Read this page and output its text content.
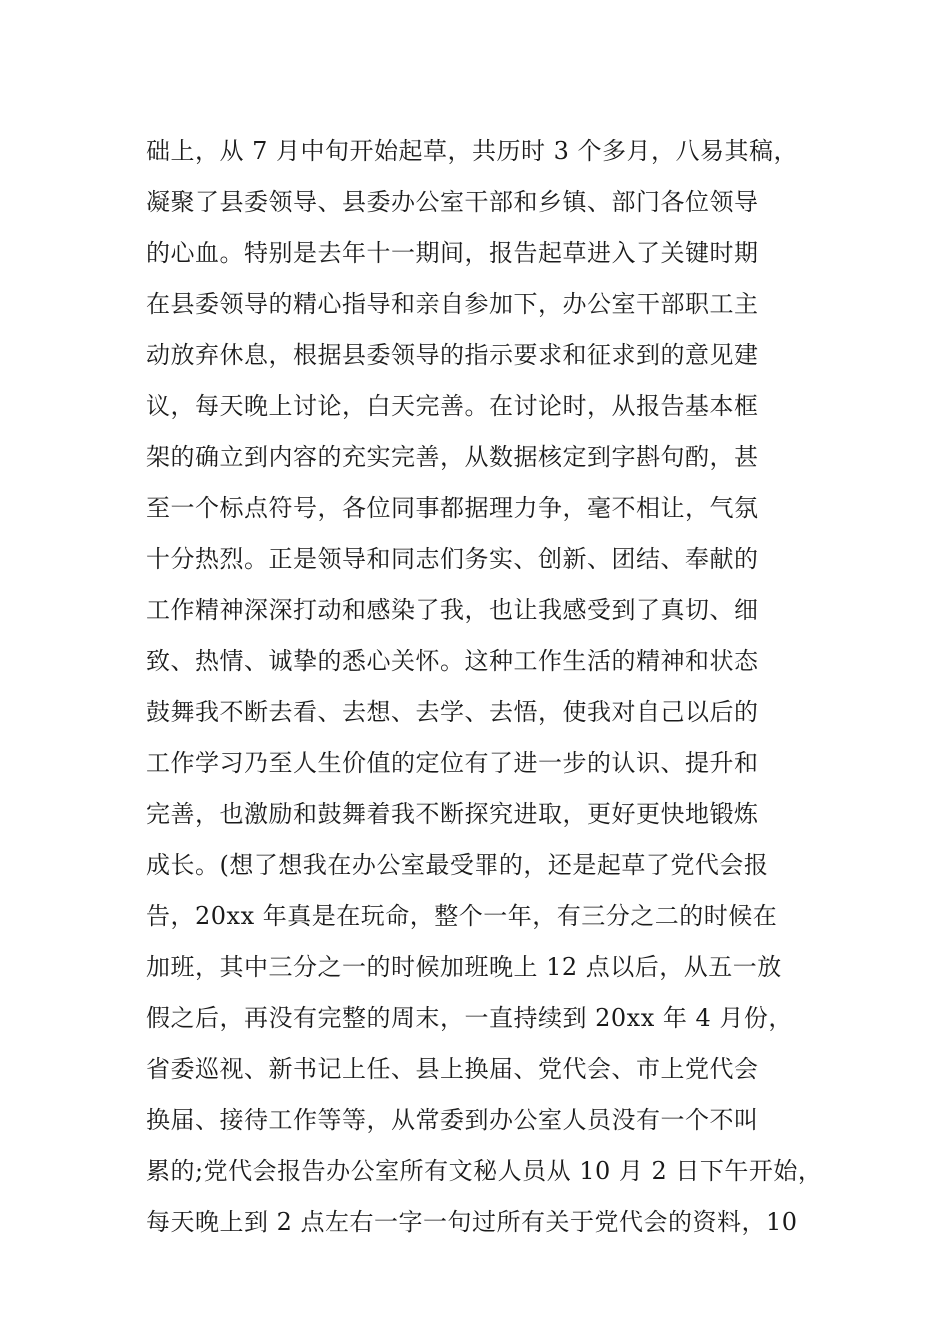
础上，从 7 月中旬开始起草，共历时 3 个多月，八易其稿，
凝聚了县委领导、县委办公室干部和乡镇、部门各位领导
的心血。特别是去年十一期间，报告起草进入了关键时期
在县委领导的精心指导和亲自参加下，办公室干部职工主
动放弃休息，根据县委领导的指示要求和征求到的意见建
议，每天晚上讨论，白天完善。在讨论时，从报告基本框
架的确立到内容的充实完善，从数据核定到字斟句酌，甚
至一个标点符号，各位同事都据理力争，毫不相让，气氛
十分热烈。正是领导和同志们务实、创新、团结、奉献的
工作精神深深打动和感染了我，也让我感受到了真切、细
致、热情、诚挚的悉心关怀。这种工作生活的精神和状态
鼓舞我不断去看、去想、去学、去悟，使我对自己以后的
工作学习乃至人生价值的定位有了进一步的认识、提升和
完善，也激励和鼓舞着我不断探究进取，更好更快地锻炼
成长。(想了想我在办公室最受罪的，还是起草了党代会报
告，20xx 年真是在玩命，整个一年，有三分之二的时候在
加班，其中三分之一的时候加班晚上 12 点以后，从五一放
假之后，再没有完整的周末，一直持续到 20xx 年 4 月份，
省委巡视、新书记上任、县上换届、党代会、市上党代会
换届、接待工作等等，从常委到办公室人员没有一个不叫
累的;党代会报告办公室所有文秘人员从 10 月 2 日下午开始，
每天晚上到 2 点左右一字一句过所有关于党代会的资料，10
